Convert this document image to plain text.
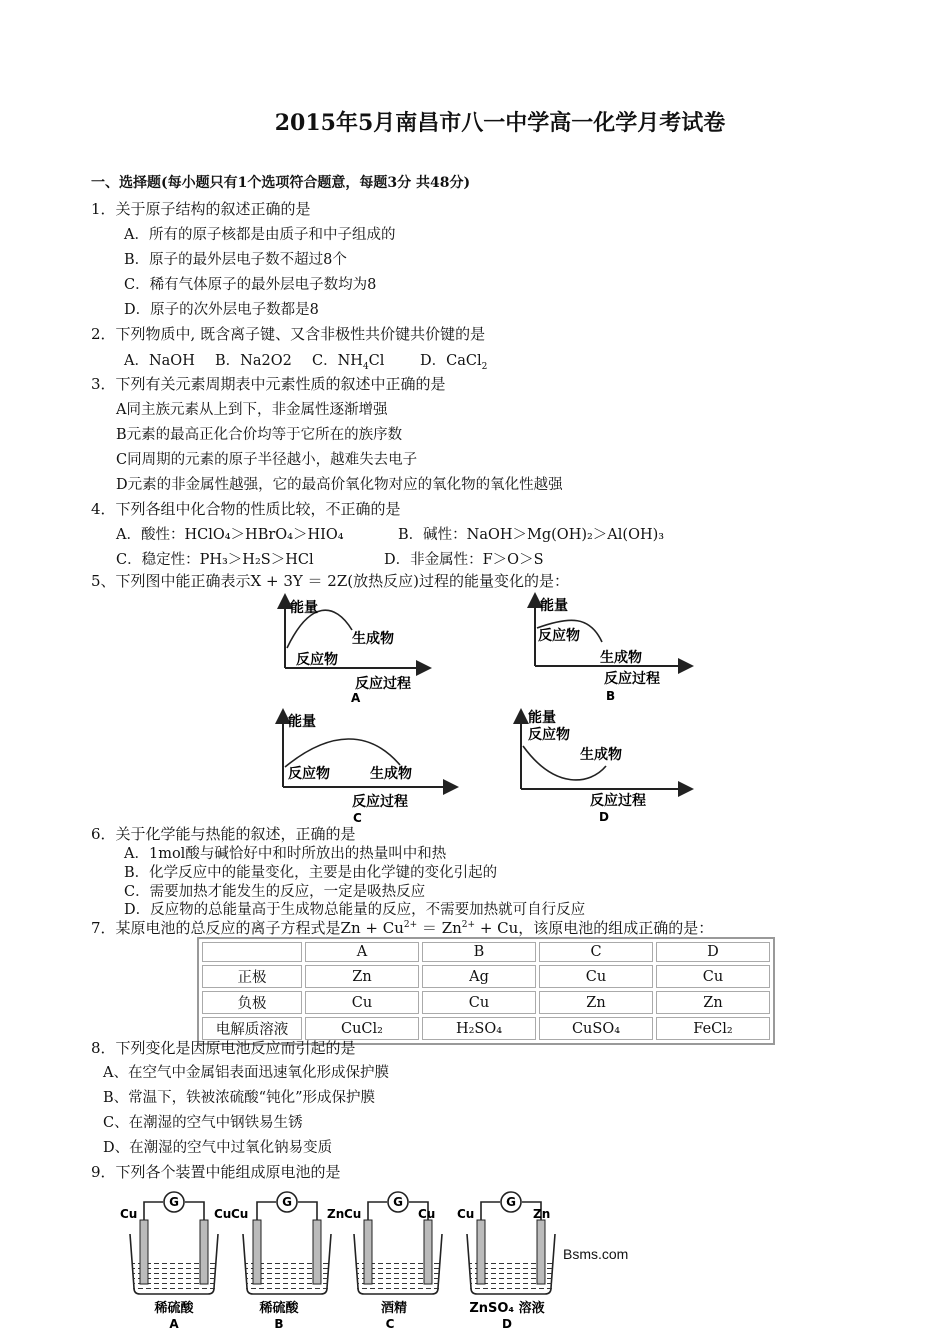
2015年5月南昌市八一中学高一化学月考试卷
一、选择题(每小题只有1个选项符合题意，每题3分 共48分)
1．关于原子结构的叙述正确的是
A．所有的原子核都是由质子和中子组成的
B．原子的最外层电子数不超过8个
C．稀有气体原子的最外层电子数均为8
D．原子的次外层电子数都是8
2．下列物质中, 既含离子键、又含非极性共价键共价键的是
A．NaOH B．Na2O2 C．$NH_4Cl$ D．CaCl$_2$
3．下列有关元素周期表中元素性质的叙述中正确的是
A同主族元素从上到下，非金属性逐渐增强
B元素的最高正化合价均等于它所在的族序数
C同周期的元素的原子半径越小，越难失去电子
D元素的非金属性越强，它的最高价氧化物对应的氧化物的氧化性越强
4．下列各组中化合物的性质比较，不正确的是
A．酸性：HClO₄＞HBrO₄＞HIO₄	B．碱性：NaOH＞Mg(OH)₂＞Al(OH)₃
C．稳定性：PH₃＞H₂S＞HCl	D．非金属性：F＞O＞S
5、下列图中能正确表示X + 3Y ＝ 2Z(放热反应)过程的能量变化的是：
能量
生成物
反应物
反应过程
A
能量
反应物
生成物
反应过程
B
能量
反应物	生成物
反应过程
C
能量
反应物
生成物
反应过程
D
6．关于化学能与热能的叙述，正确的是
A．1mol酸与碱恰好中和时所放出的热量叫中和热
B．化学反应中的能量变化，主要是由化学键的变化引起的
C．需要加热才能发生的反应，一定是吸热反应
D．反应物的总能量高于生成物总能量的反应，不需要加热就可自行反应
7．某原电池的总反应的离子方程式是$Zn + Cu^{2+} = Zn^{2+} + Cu$，该原电池的组成正确的是：
	A	B	C	D
正极	Zn	Ag	Cu	Cu
负极	Cu	Cu	Zn	Zn
电解质溶液	CuCl₂	H₂SO₄	CuSO₄	FeCl₂
8．下列变化是因原电池反应而引起的是
A、在空气中金属铝表面迅速氧化形成保护膜
B、常温下，铁被浓硫酸“钝化”形成保护膜
C、在潮湿的空气中钢铁易生锈
D、在潮湿的空气中过氧化钠易变质
9．下列各个装置中能组成原电池的是
G
Cu	Cu
稀硫酸
A
G
Cu	Zn
稀硫酸
B
G
Cu	Cu
酒精
C
G
Cu	Zn
ZnSO₄ 溶液
D
Bsms.com
